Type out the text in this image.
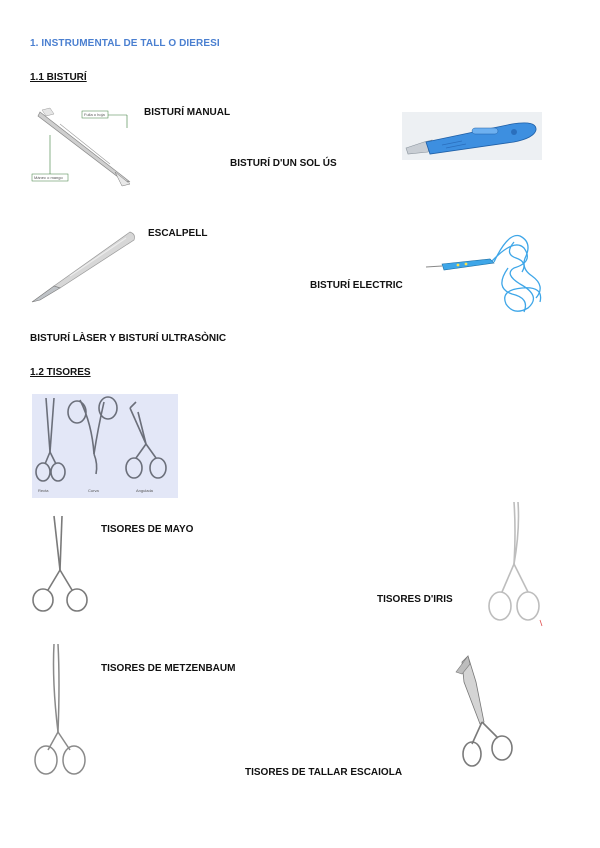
1. INSTRUMENTAL DE TALL O DIERESI
1.1 BISTURÍ
Fulla o hoja
Mànec o mango
BISTURÍ MANUAL
BISTURÍ D'UN SOL ÚS
ESCALPELL
BISTURÍ ELECTRIC
BISTURÍ LÀSER Y BISTURÍ ULTRASÒNIC
1.2 TISORES
Recta	Curva	Angulada
TISORES DE MAYO
TISORES D'IRIS
TISORES DE METZENBAUM
TISORES DE TALLAR ESCAIOLA
